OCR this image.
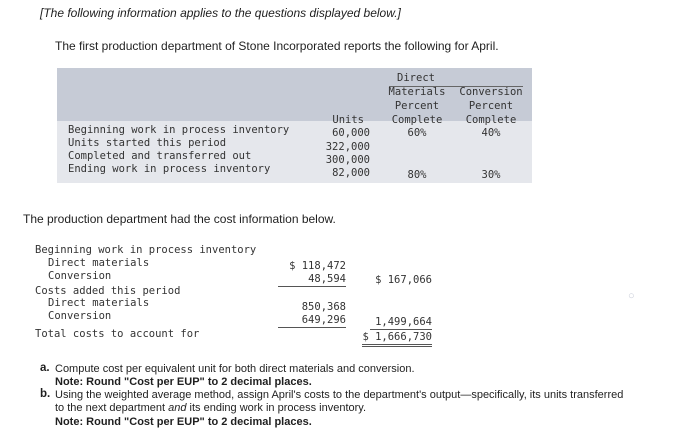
[The following information applies to the questions displayed below.]
The first production department of Stone Incorporated reports the following for April.
Direct
Materials
Percent
Complete
Conversion
Percent
Complete
Units
Beginning work in process inventory	60,000	60%	40%
Units started this period	322,000
Completed and transferred out	300,000
Ending work in process inventory	82,000	80%	30%
The production department had the cost information below.
Beginning work in process inventory
Direct materials	$ 118,472
Conversion	48,594	$ 167,066
Costs added this period
Direct materials	850,368
Conversion	649,296	1,499,664
Total costs to account for	$ 1,666,730
○
a. Compute cost per equivalent unit for both direct materials and conversion.
Note: Round "Cost per EUP" to 2 decimal places.
b. Using the weighted average method, assign April's costs to the department's output—specifically, its units transferred
to the next department and its ending work in process inventory.
Note: Round "Cost per EUP" to 2 decimal places.
